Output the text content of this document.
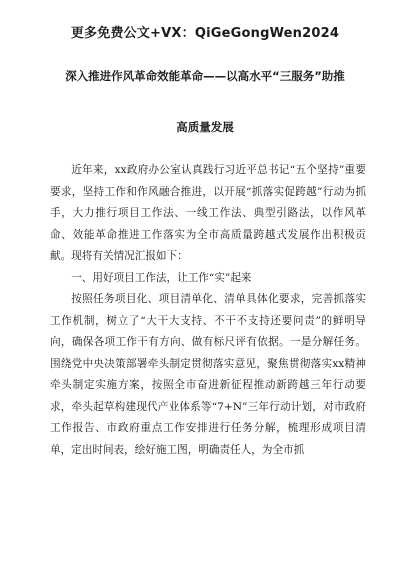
更多免费公文+VX：QiGeGongWen2024
深入推进作风革命效能革命——以高水平“三服务”助推
高质量发展

近年来，xx政府办公室认真践行习近平总书记“五个坚持”重要要求，坚持工作和作风融合推进，以开展“抓落实促跨越”行动为抓手，大力推行项目工作法、一线工作法、典型引路法，以作风革命、效能革命推进工作落实为全市高质量跨越式发展作出积极贡献。现将有关情况汇报如下：

一、用好项目工作法，让工作“实”起来

按照任务项目化、项目清单化、清单具体化要求，完善抓落实工作机制，树立了“大干大支持、不干不支持还要问责”的鲜明导向，确保各项工作干有方向、做有标尺评有依据。一是分解任务。围绕党中央决策部署牵头制定贯彻落实意见，聚焦贯彻落实xx精神牵头制定实施方案，按照全市奋进新征程推动新跨越三年行动要求，牵头起草构建现代产业体系等“7+N”三年行动计划，对市政府工作报告、市政府重点工作安排进行任务分解，梳理形成项目清单，定出时间表，绘好施工图，明确责任人，为全市抓
